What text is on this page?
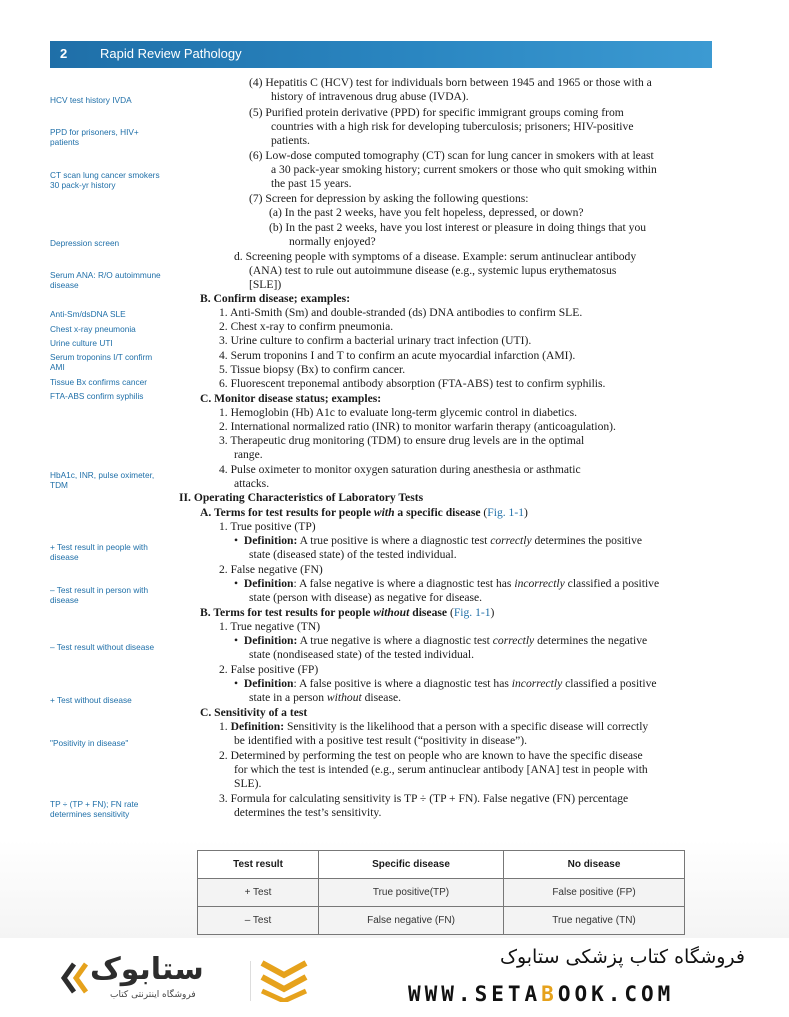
2	Rapid Review Pathology
HCV test history IVDA
PPD for prisoners, HIV+ patients
CT scan lung cancer smokers 30 pack-yr history
Depression screen
Serum ANA: R/O autoimmune disease
Anti-Sm/dsDNA SLE
Chest x-ray pneumonia
Urine culture UTI
Serum troponins I/T confirm AMI
Tissue Bx confirms cancer
FTA-ABS confirm syphilis
HbA1c, INR, pulse oximeter, TDM
+ Test result in people with disease
– Test result in person with disease
– Test result without disease
+ Test without disease
"Positivity in disease"
TP ÷ (TP + FN); FN rate determines sensitivity
(4) Hepatitis C (HCV) test for individuals born between 1945 and 1965 or those with a
history of intravenous drug abuse (IVDA).
(5) Purified protein derivative (PPD) for specific immigrant groups coming from
countries with a high risk for developing tuberculosis; prisoners; HIV-positive
patients.
(6) Low-dose computed tomography (CT) scan for lung cancer in smokers with at least
a 30 pack-year smoking history; current smokers or those who quit smoking within
the past 15 years.
(7) Screen for depression by asking the following questions:
(a) In the past 2 weeks, have you felt hopeless, depressed, or down?
(b) In the past 2 weeks, have you lost interest or pleasure in doing things that you
normally enjoyed?
d. Screening people with symptoms of a disease. Example: serum antinuclear antibody
(ANA) test to rule out autoimmune disease (e.g., systemic lupus erythematosus
[SLE])
B. Confirm disease; examples:
1. Anti-Smith (Sm) and double-stranded (ds) DNA antibodies to confirm SLE.
2. Chest x-ray to confirm pneumonia.
3. Urine culture to confirm a bacterial urinary tract infection (UTI).
4. Serum troponins I and T to confirm an acute myocardial infarction (AMI).
5. Tissue biopsy (Bx) to confirm cancer.
6. Fluorescent treponemal antibody absorption (FTA-ABS) test to confirm syphilis.
C. Monitor disease status; examples:
1. Hemoglobin (Hb) A1c to evaluate long-term glycemic control in diabetics.
2. International normalized ratio (INR) to monitor warfarin therapy (anticoagulation).
3. Therapeutic drug monitoring (TDM) to ensure drug levels are in the optimal
range.
4. Pulse oximeter to monitor oxygen saturation during anesthesia or asthmatic
attacks.
II. Operating Characteristics of Laboratory Tests
A. Terms for test results for people with a specific disease (Fig. 1-1)
1. True positive (TP)
•  Definition: A true positive is where a diagnostic test correctly determines the positive
state (diseased state) of the tested individual.
2. False negative (FN)
•  Definition: A false negative is where a diagnostic test has incorrectly classified a positive
state (person with disease) as negative for disease.
B. Terms for test results for people without disease (Fig. 1-1)
1. True negative (TN)
•  Definition: A true negative is where a diagnostic test correctly determines the negative
state (nondiseased state) of the tested individual.
2. False positive (FP)
•  Definition: A false positive is where a diagnostic test has incorrectly classified a positive
state in a person without disease.
C. Sensitivity of a test
1. Definition: Sensitivity is the likelihood that a person with a specific disease will correctly
be identified with a positive test result (“positivity in disease”).
2. Determined by performing the test on people who are known to have the specific disease
for which the test is intended (e.g., serum antinuclear antibody [ANA] test in people with
SLE).
3. Formula for calculating sensitivity is TP ÷ (TP + FN). False negative (FN) percentage
determines the test’s sensitivity.
Test result	Specific disease	No disease
+ Test	True positive(TP)	False positive (FP)
– Test	False negative (FN)	True negative (TN)
ستابوک
فروشگاه اینترنتی کتاب
فروشگاه کتاب پزشکی ستابوک
WWW.SETABOOK.COM
